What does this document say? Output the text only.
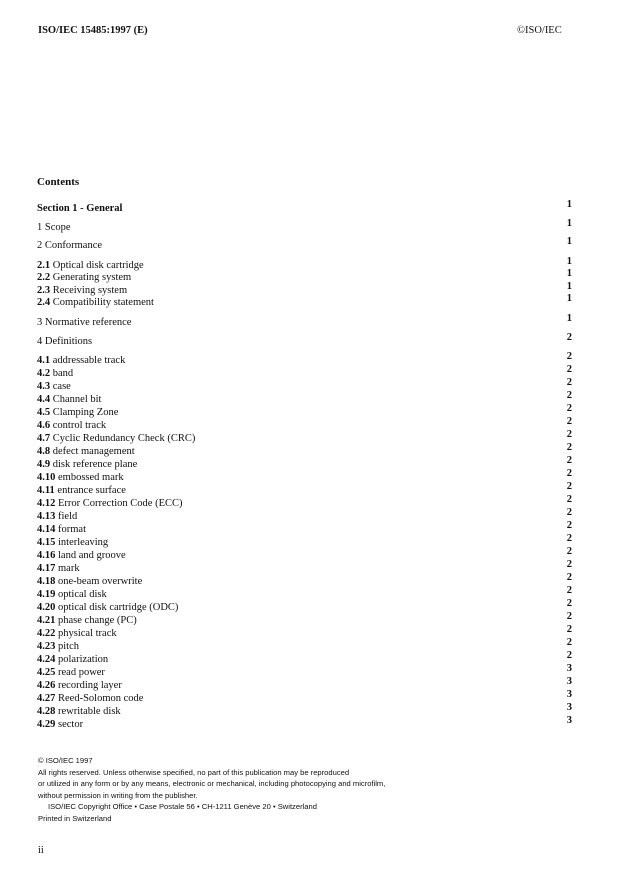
ISO/IEC 15485:1997 (E)	©ISO/IEC
Contents
Section 1 - General	1
1 Scope	1
2 Conformance	1
2.1 Optical disk cartridge	1
2.2 Generating system	1
2.3 Receiving system	1
2.4 Compatibility statement	1
3 Normative reference	1
4 Definitions	2
4.1 addressable track	2
4.2 band	2
4.3 case	2
4.4 Channel bit	2
4.5 Clamping Zone	2
4.6 control track	2
4.7 Cyclic Redundancy Check (CRC)	2
4.8 defect management	2
4.9 disk reference plane	2
4.10 embossed mark	2
4.11 entrance surface	2
4.12 Error Correction Code (ECC)	2
4.13 field	2
4.14 format	2
4.15 interleaving	2
4.16 land and groove	2
4.17 mark	2
4.18 one-beam overwrite	2
4.19 optical disk	2
4.20 optical disk cartridge (ODC)	2
4.21 phase change (PC)	2
4.22 physical track	2
4.23 pitch	2
4.24 polarization	2
4.25 read power	3
4.26 recording layer	3
4.27 Reed-Solomon code	3
4.28 rewritable disk	3
4.29 sector	3
© ISO/IEC 1997
All rights reserved. Unless otherwise specified, no part of this publication may be reproduced
or utilized in any form or by any means, electronic or mechanical, including photocopying and microfilm,
without permission in writing from the publisher.
ISO/IEC Copyright Office • Case Postale 56 • CH-1211 Genève 20 • Switzerland
Printed in Switzerland
ii
